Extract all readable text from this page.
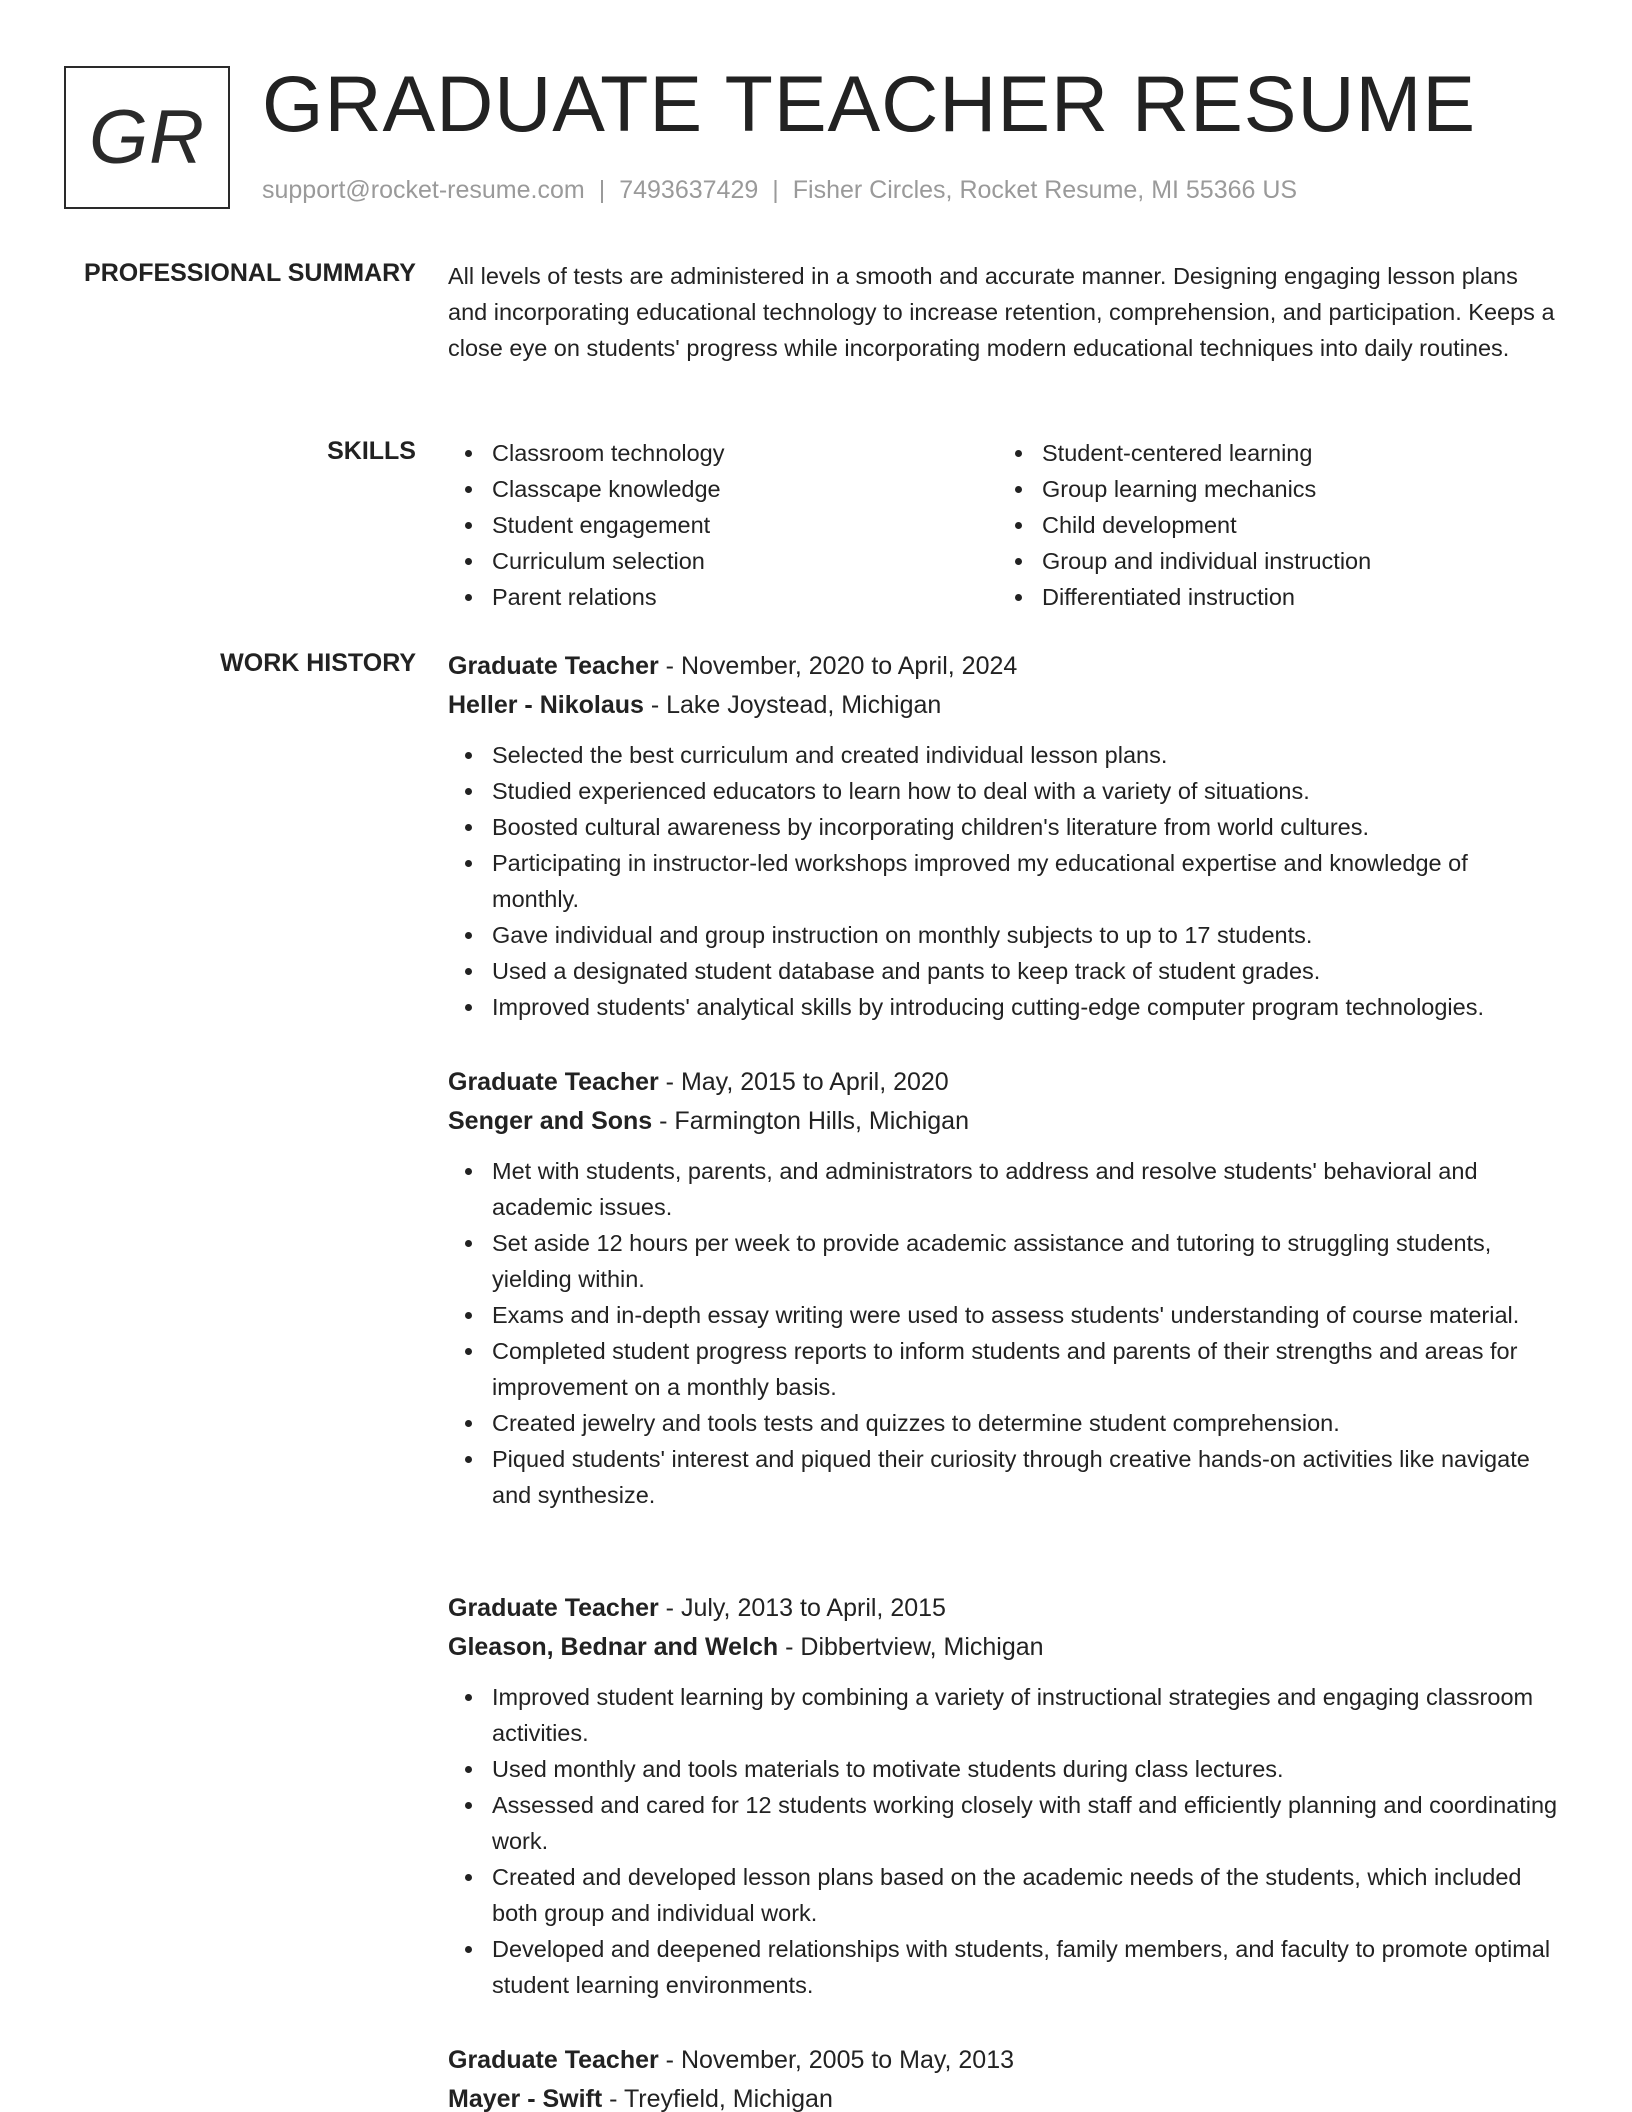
GR GRADUATE TEACHER RESUME
support@rocket-resume.com | 7493637429 | Fisher Circles, Rocket Resume, MI 55366 US
PROFESSIONAL SUMMARY All levels of tests are administered in a smooth and accurate manner. Designing engaging lesson plans and incorporating educational technology to increase retention, comprehension, and participation. Keeps a close eye on students' progress while incorporating modern educational techniques into daily routines.

SKILLS	Classroom technology
Classcape knowledge
Student engagement
Curriculum selection
Parent relations
Student-centered learning
Group learning mechanics
Child development
Group and individual instruction
Differentiated instruction
WORK HISTORY Graduate Teacher - November, 2020 to April, 2024
Heller - Nikolaus - Lake Joystead, Michigan
Selected the best curriculum and created individual lesson plans.
Studied experienced educators to learn how to deal with a variety of situations.
Boosted cultural awareness by incorporating children's literature from world cultures.
Participating in instructor-led workshops improved my educational expertise and knowledge of monthly.
Gave individual and group instruction on monthly subjects to up to 17 students.
Used a designated student database and pants to keep track of student grades.
Improved students' analytical skills by introducing cutting-edge computer program technologies.
Graduate Teacher - May, 2015 to April, 2020
Senger and Sons - Farmington Hills, Michigan
Met with students, parents, and administrators to address and resolve students' behavioral and academic issues.
Set aside 12 hours per week to provide academic assistance and tutoring to struggling students, yielding within.
Exams and in-depth essay writing were used to assess students' understanding of course material.
Completed student progress reports to inform students and parents of their strengths and areas for improvement on a monthly basis.
Created jewelry and tools tests and quizzes to determine student comprehension.
Piqued students' interest and piqued their curiosity through creative hands-on activities like navigate and synthesize.
Graduate Teacher - July, 2013 to April, 2015
Gleason, Bednar and Welch - Dibbertview, Michigan
Improved student learning by combining a variety of instructional strategies and engaging classroom activities.
Used monthly and tools materials to motivate students during class lectures.
Assessed and cared for 12 students working closely with staff and efficiently planning and coordinating work.
Created and developed lesson plans based on the academic needs of the students, which included both group and individual work.
Developed and deepened relationships with students, family members, and faculty to promote optimal student learning environments.
Graduate Teacher - November, 2005 to May, 2013
Mayer - Swift - Treyfield, Michigan
